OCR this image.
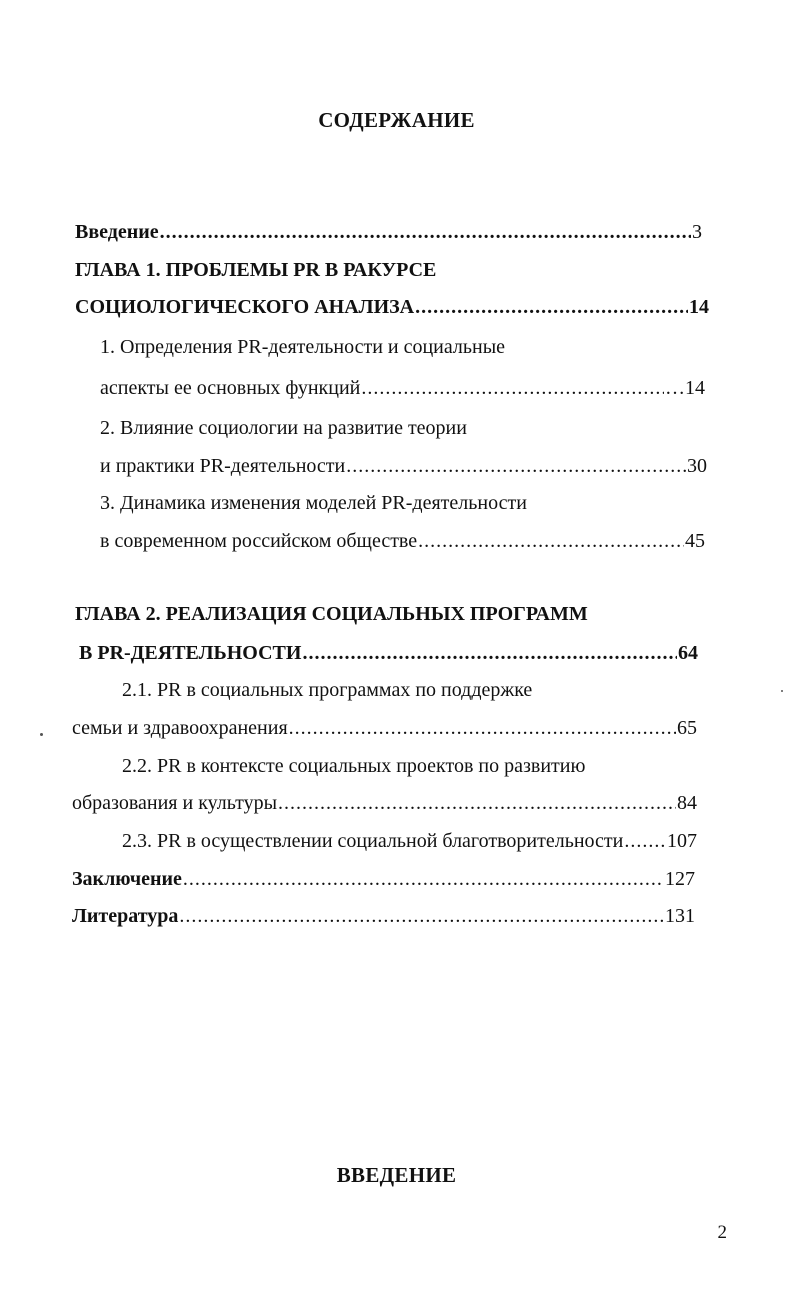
СОДЕРЖАНИЕ
Введение .....	3
ГЛАВА 1. ПРОБЛЕМЫ PR В РАКУРСЕ
СОЦИОЛОГИЧЕСКОГО АНАЛИЗА .....	14
1. Определения PR-деятельности и социальные
аспекты ее основных функций .....	…14
2. Влияние социологии на развитие теории
и практики PR-деятельности .....	30
3. Динамика изменения моделей PR-деятельности
в современном российском обществе .....	45
ГЛАВА 2. РЕАЛИЗАЦИЯ СОЦИАЛЬНЫХ ПРОГРАММ
В PR-ДЕЯТЕЛЬНОСТИ .....	64
2.1. PR в социальных программах по поддержке
семьи и здравоохранения .....	65
2.2. PR в контексте социальных проектов по развитию
образования и культуры .....	84
2.3. PR в осуществлении социальной благотворительности ..... 107
Заключение .....	127
Литература .....	131
ВВЕДЕНИЕ
2
